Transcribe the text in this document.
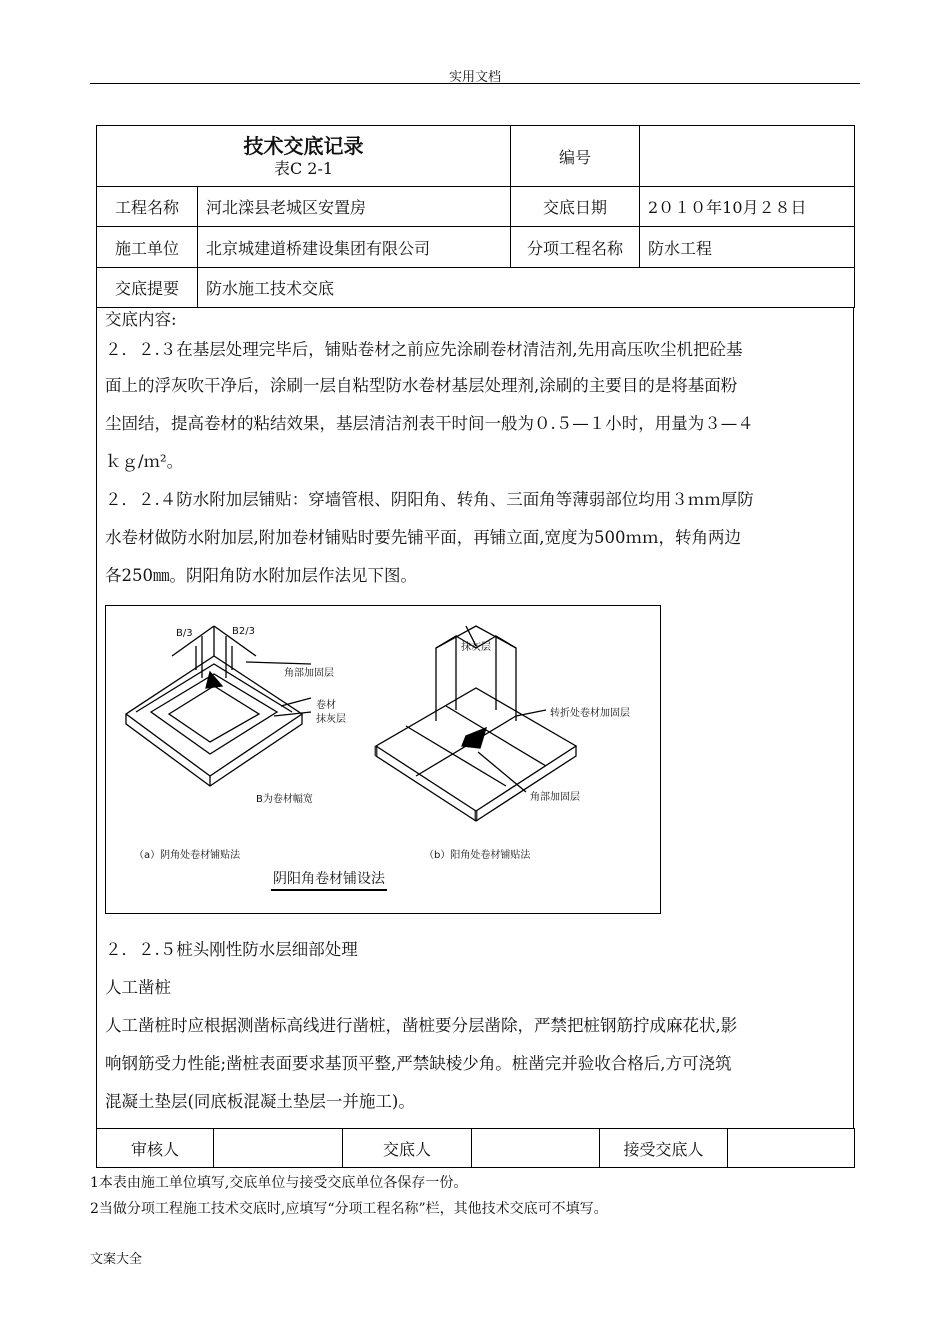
实用文档
技术交底记录
表C 2-1		编号	
工程名称	河北滦县老城区安置房	交底日期	2０１０年10月２８日
施工单位	北京城建道桥建设集团有限公司	分项工程名称	防水工程
交底提要	防水施工技术交底		

交底内容:

２．２.３在基层处理完毕后，铺贴卷材之前应先涂刷卷材清洁剂,先用高压吹尘机把砼基

面上的浮灰吹干净后，涂刷一层自粘型防水卷材基层处理剂,涂刷的主要目的是将基面粉

尘固结，提高卷材的粘结效果，基层清洁剂表干时间一般为０.５—１小时，用量为３—４

ｋｇ/ｍ²。

２．２.４防水附加层铺贴：穿墙管根、阴阳角、转角、三面角等薄弱部位均用３ｍｍ厚防

水卷材做防水附加层,附加卷材铺贴时要先铺平面，再铺立面,宽度为500ｍｍ，转角两边

各250㎜。阴阳角防水附加层作法见下图。

B/3	B2/3
角部加固层
卷材
抹灰层
B为卷材幅宽
（a）阴角处卷材铺贴法
抹灰层
转折处卷材加固层
角部加固层
（b）阳角处卷材铺贴法
阴阳角卷材铺设法

２．２.５桩头刚性防水层细部处理

人工凿桩

人工凿桩时应根据测凿标高线进行凿桩，凿桩要分层凿除，严禁把桩钢筋拧成麻花状,影

响钢筋受力性能;凿桩表面要求基顶平整,严禁缺棱少角。桩凿完并验收合格后,方可浇筑

混凝土垫层(同底板混凝土垫层一并施工)。

审核人		交底人		接受交底人	
1本表由施工单位填写,交底单位与接受交底单位各保存一份。
2当做分项工程施工技术交底时,应填写“分项工程名称”栏，其他技术交底可不填写。
文案大全
